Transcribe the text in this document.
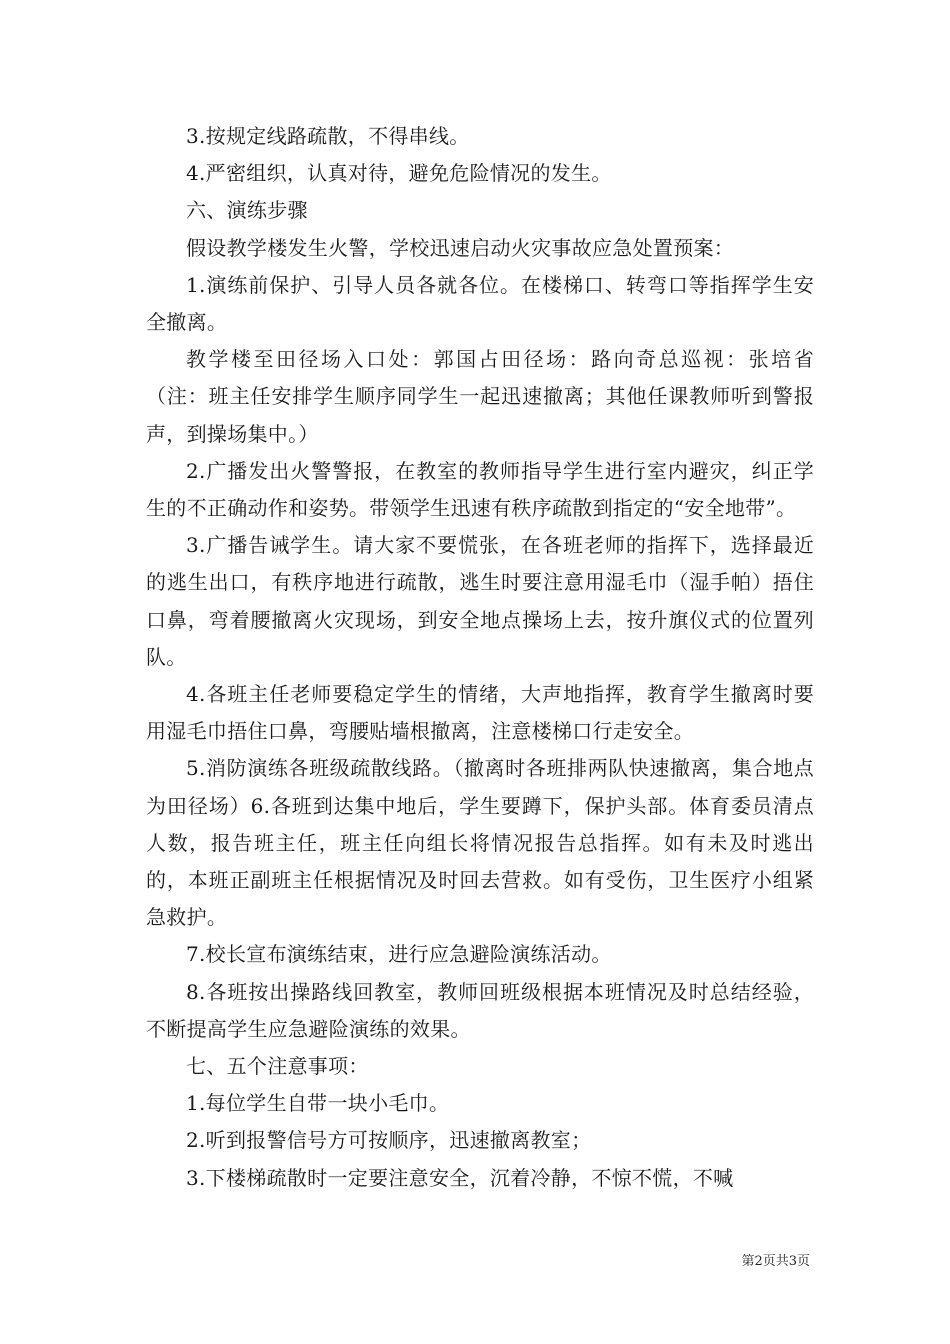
3.按规定线路疏散，不得串线。

4.严密组织，认真对待，避免危险情况的发生。

六、演练步骤

假设教学楼发生火警，学校迅速启动火灾事故应急处置预案：

1.演练前保护、引导人员各就各位。在楼梯口、转弯口等指挥学生安全撤离。

教学楼至田径场入口处：郭国占田径场：路向奇总巡视：张培省（注：班主任安排学生顺序同学生一起迅速撤离；其他任课教师听到警报声，到操场集中。）

2.广播发出火警警报，在教室的教师指导学生进行室内避灾，纠正学生的不正确动作和姿势。带领学生迅速有秩序疏散到指定的“安全地带”。

3.广播告诫学生。请大家不要慌张，在各班老师的指挥下，选择最近的逃生出口，有秩序地进行疏散，逃生时要注意用湿毛巾（湿手帕）捂住口鼻，弯着腰撤离火灾现场，到安全地点操场上去，按升旗仪式的位置列队。

4.各班主任老师要稳定学生的情绪，大声地指挥，教育学生撤离时要用湿毛巾捂住口鼻，弯腰贴墙根撤离，注意楼梯口行走安全。

5.消防演练各班级疏散线路。（撤离时各班排两队快速撤离，集合地点为田径场）6.各班到达集中地后，学生要蹲下，保护头部。体育委员清点人数，报告班主任，班主任向组长将情况报告总指挥。如有未及时逃出的，本班正副班主任根据情况及时回去营救。如有受伤，卫生医疗小组紧急救护。

7.校长宣布演练结束，进行应急避险演练活动。

8.各班按出操路线回教室，教师回班级根据本班情况及时总结经验，不断提高学生应急避险演练的效果。

七、五个注意事项：

1.每位学生自带一块小毛巾。

2.听到报警信号方可按顺序，迅速撤离教室；

3.下楼梯疏散时一定要注意安全，沉着冷静，不惊不慌，不喊

第2页共3页
